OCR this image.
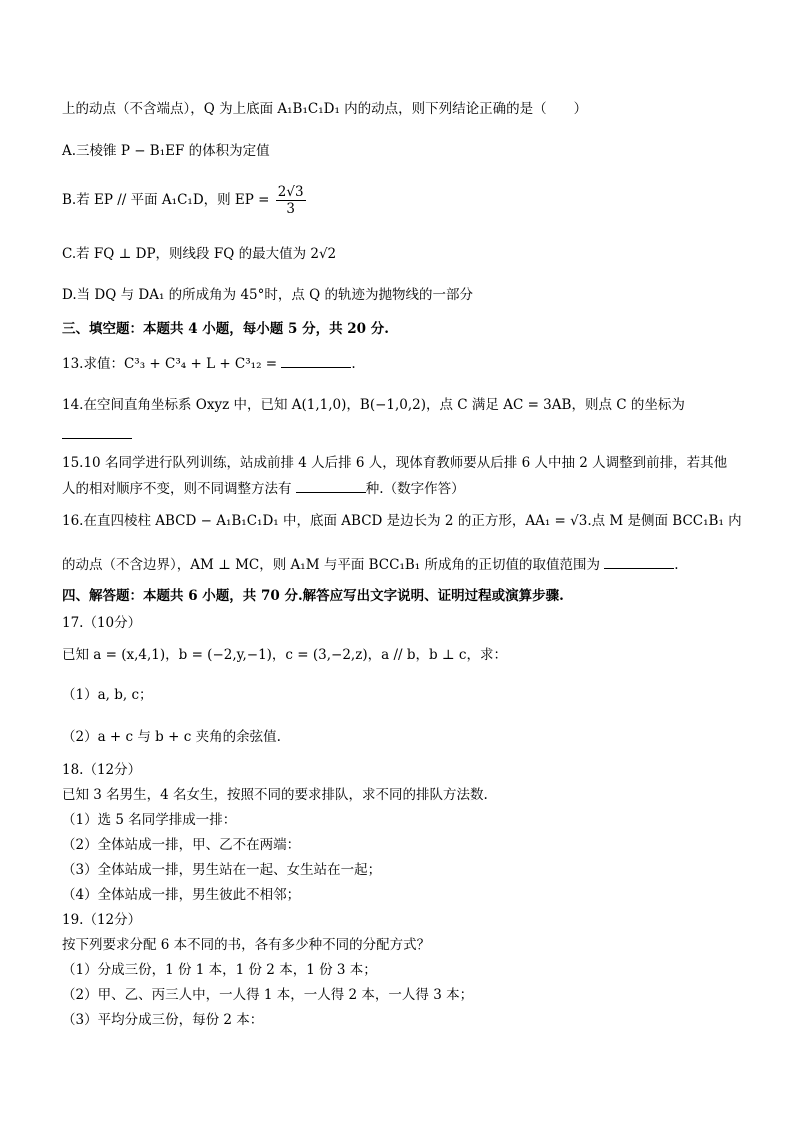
上的动点（不含端点），Q 为上底面 A₁B₁C₁D₁ 内的动点，则下列结论正确的是（　　）
A.三棱锥 P − B₁EF 的体积为定值
B.若 EP // 平面 A₁C₁D，则 EP = $\frac{2√3}{3}$
C.若 FQ ⊥ DP，则线段 FQ 的最大值为 2√2
D.当 DQ 与 DA₁ 的所成角为 45°时，点 Q 的轨迹为抛物线的一部分
三、填空题：本题共 4 小题，每小题 5 分，共 20 分.
13.求值：C³₃ + C³₄ + L + C³₁₂ =	.
14.在空间直角坐标系 Oxyz 中，已知 A(1,1,0)，B(−1,0,2)，点 C 满足 AC = 3AB，则点 C 的坐标为
15.10 名同学进行队列训练，站成前排 4 人后排 6 人，现体育教师要从后排 6 人中抽 2 人调整到前排，若其他
人的相对顺序不变，则不同调整方法有	种.（数字作答）
16.在直四棱柱 ABCD − A₁B₁C₁D₁ 中，底面 ABCD 是边长为 2 的正方形，AA₁ = √3.点 M 是侧面 BCC₁B₁ 内
的动点（不含边界），AM ⊥ MC，则 A₁M 与平面 BCC₁B₁ 所成角的正切值的取值范围为	.
四、解答题：本题共 6 小题，共 70 分.解答应写出文字说明、证明过程或演算步骤.
17.（10分）
已知 a = (x,4,1)，b = (−2,y,−1)，c = (3,−2,z)，a // b，b ⊥ c，求：
（1）a, b, c；
（2）a + c 与 b + c 夹角的余弦值.
18.（12分）
已知 3 名男生，4 名女生，按照不同的要求排队，求不同的排队方法数.
（1）选 5 名同学排成一排：
（2）全体站成一排，甲、乙不在两端：
（3）全体站成一排，男生站在一起、女生站在一起；
（4）全体站成一排，男生彼此不相邻；
19.（12分）
按下列要求分配 6 本不同的书，各有多少种不同的分配方式？
（1）分成三份，1 份 1 本，1 份 2 本，1 份 3 本；
（2）甲、乙、丙三人中，一人得 1 本，一人得 2 本，一人得 3 本；
（3）平均分成三份，每份 2 本：
